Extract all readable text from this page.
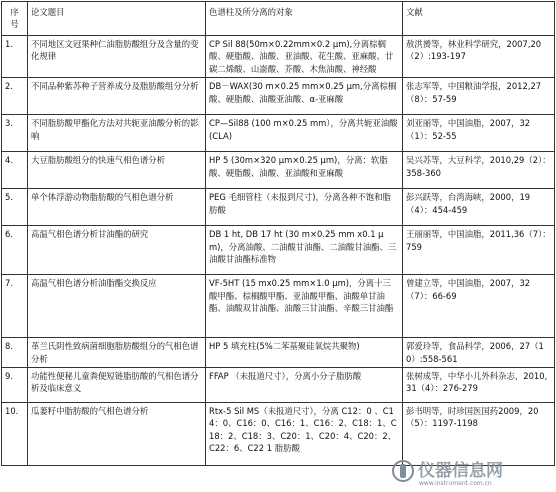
序
号	论文题目	色谱柱及所分离的对象	文献
1.	不同地区文冠果种仁油脂肪酸组分及含量的变化规律	CP Sil 88(50m×0.22mm×0.2 μm),分离棕榈酸、硬脂酸、油酸、亚油酸、花生酸、亚麻酸、廿碳二烯酸、山嵛酸、芥酸、木焦油酸、神经酸	敖洪赟等，林业科学研究，2007,20（2）:193-197
2.	不同品种紫苏种子营养成分及脂肪酸组分分析	DB－WAX(30 m×0.25 mm×0.25 μm,分离棕榈酸、硬脂酸、油酸亚油酸、α-亚麻酸	张志军等，中国粮油学报，2012,27（8）：57-59
3.	不同脂肪酸甲酯化方法对共轭亚油酸分析的影响	CP—Sil88 (100 m×0.25 mm），分离共轭亚油酸(CLA)	刘亚丽等，中国油脂，2007，32（1）：52-55
4.	大豆脂肪酸组分的快速气相色谱分析	HP 5 (30m×320 μm×0.25 μm)，分离：软脂酸、硬脂酸、油酸、亚油酸和亚麻酸	吴兴苏等，大豆科学，2010,29（2）：358-360
5.	单个体浮游动物脂肪酸的气相色谱分析	PEG 毛细管柱（未报到尺寸)，分离各种不饱和脂肪酸	彭兴跃等，台湾海峡，2000，19（4）：454-459
6.	高温气相色谱分析甘油酯的研究	DB 1 ht, DB 17 ht (30 m×0.25 mm x0.1 μm)，分离油酸、二油酸甘油酯、二油酸甘油酯、三油酸甘油酯标准物	王丽丽等，中国油脂，2011,36（7）：759
7.	高温气相色谱分析油脂酯交换反应	VF-5HT (15 mx0.25 mm×1.0 μm)，分离十三酸甲酯、棕榈酸甲酯、亚油酸甲酯、油酸单甘油酯、油酸双甘油酯、油酸三甘油酯、辛酸三甘油酯	曾建立等，中国油脂，2007，32（7）：66-69
8.	革兰氏阴性致病菌细胞脂肪酸组分的气相色谱分析	HP 5 填充柱(5%二苯基聚硅氧烷共聚物)	郭爱玲等，食品科学，2006，27（10）:558-561
9.	功能性便秘儿童粪便短链脂肪酸的气相色谱分析及临床意义	FFAP （未报道尺寸），分离小分子脂肪酸	张树成等，中华小儿外科杂志，2010,31（4）：276-279
10.	瓜蒌籽中脂肪酸的气相色谱分析	Rtx-5 Sil MS（未报道尺寸），分离 C12：0 、C14：0、C16：0、C16：1、C16：2、C18：1、C18：2、C18：3、C20：1、C20：4、C20：2、C22：6、C22 1 脂肪酸	彭书明等，时珍国医国药2009，20（5）：1197-1198
仪器信息网
www.instrument.com.cn
